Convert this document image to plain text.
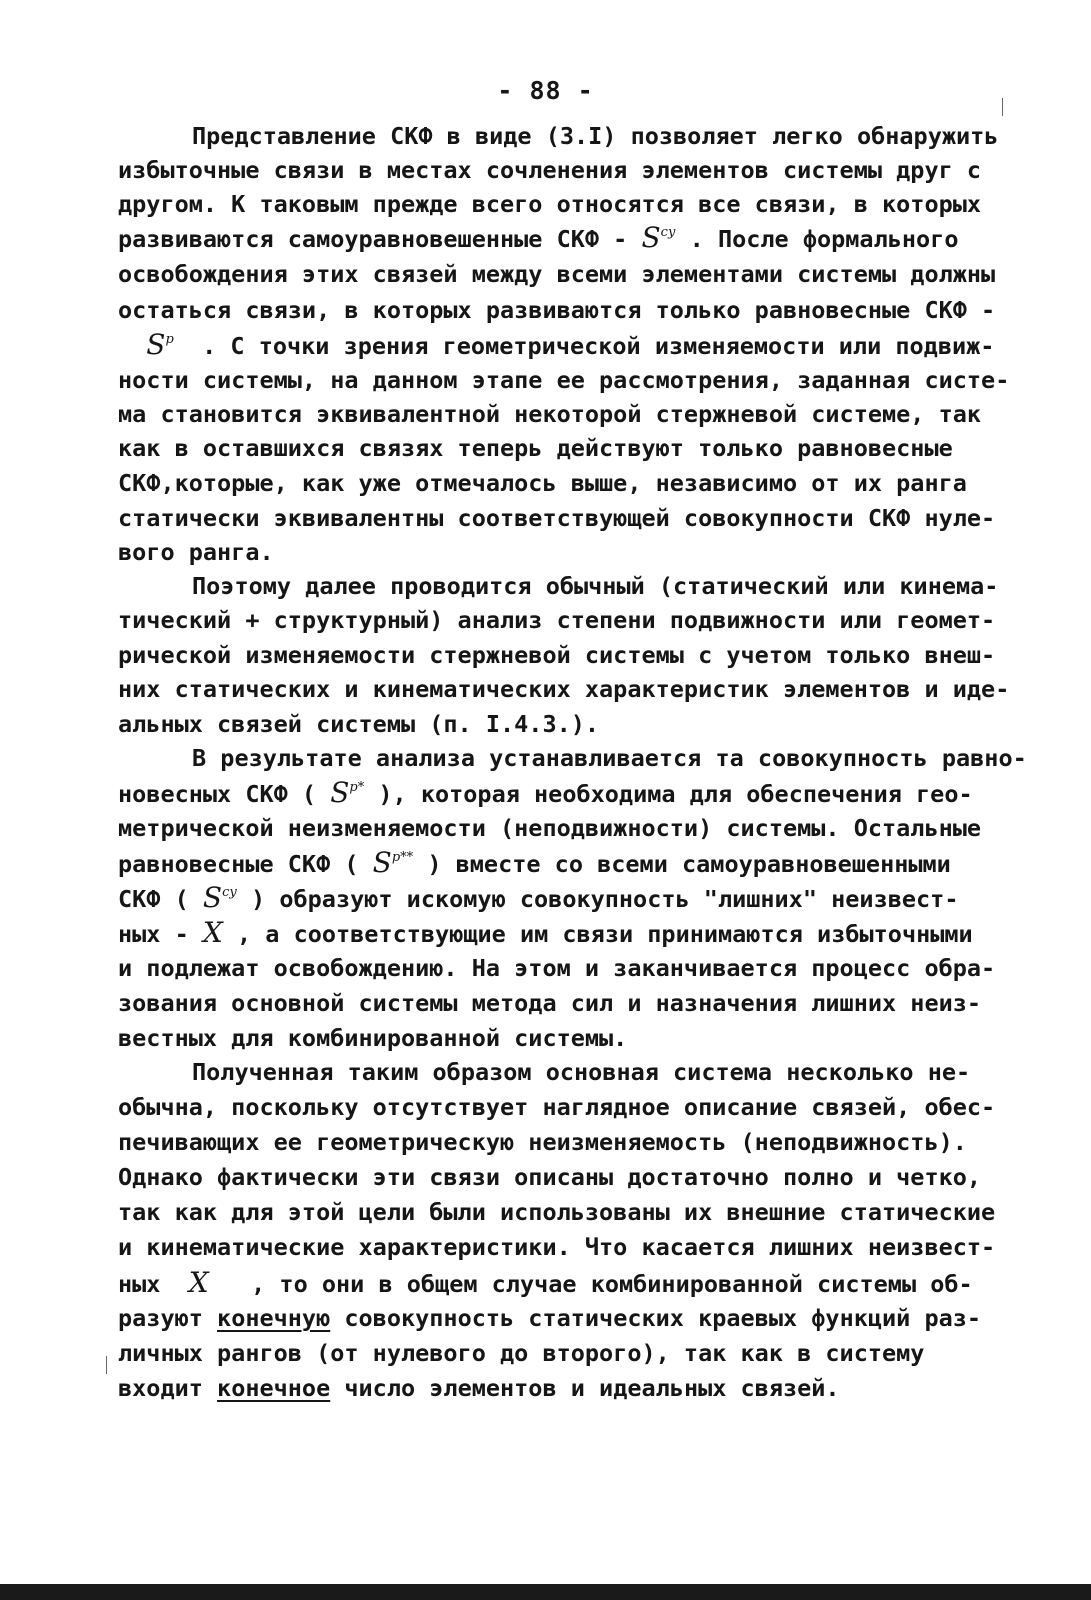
- 88 -
Представление СКФ в виде (3.I) позволяет легко обнаружить
избыточные связи в местах сочленения элементов системы друг с
другом. К таковым прежде всего относятся все связи, в которых
развиваются самоуравновешенные СКФ - $S^{су}$ . После формального
освобождения этих связей между всеми элементами системы должны
остаться связи, в которых развиваются только равновесные СКФ -
$S^р$  . С точки зрения геометрической изменяемости или подвиж-
ности системы, на данном этапе ее рассмотрения, заданная систе-
ма становится эквивалентной некоторой стержневой системе, так
как в оставшихся связях теперь действуют только равновесные
СКФ,которые, как уже отмечалось выше, независимо от их ранга
статически эквивалентны соответствующей совокупности СКФ нуле-
вого ранга.
Поэтому далее проводится обычный (статический или кинема-
тический + структурный) анализ степени подвижности или геомет-
рической изменяемости стержневой системы с учетом только внеш-
них статических и кинематических характеристик элементов и иде-
альных связей системы (п. I.4.3.).
В результате анализа устанавливается та совокупность равно-
новесных СКФ ( $S^{р*}$ ), которая необходима для обеспечения гео-
метрической неизменяемости (неподвижности) системы. Остальные
равновесные СКФ ( $S^{р**}$ ) вместе со всеми самоуравновешенными
СКФ ( $S^{су}$ ) образуют искомую совокупность "лишних" неизвест-
ных - X , а соответствующие им связи принимаются избыточными
и подлежат освобождению. На этом и заканчивается процесс обра-
зования основной системы метода сил и назначения лишних неиз-
вестных для комбинированной системы.
Полученная таким образом основная система несколько не-
обычна, поскольку отсутствует наглядное описание связей, обес-
печивающих ее геометрическую неизменяемость (неподвижность).
Однако фактически эти связи описаны достаточно полно и четко,
так как для этой цели были использованы их внешние статические
и кинематические характеристики. Что касается лишних неизвест-
ных  X   , то они в общем случае комбинированной системы об-
разуют конечную совокупность статических краевых функций раз-
личных рангов (от нулевого до второго), так как в систему
входит конечное число элементов и идеальных связей.
